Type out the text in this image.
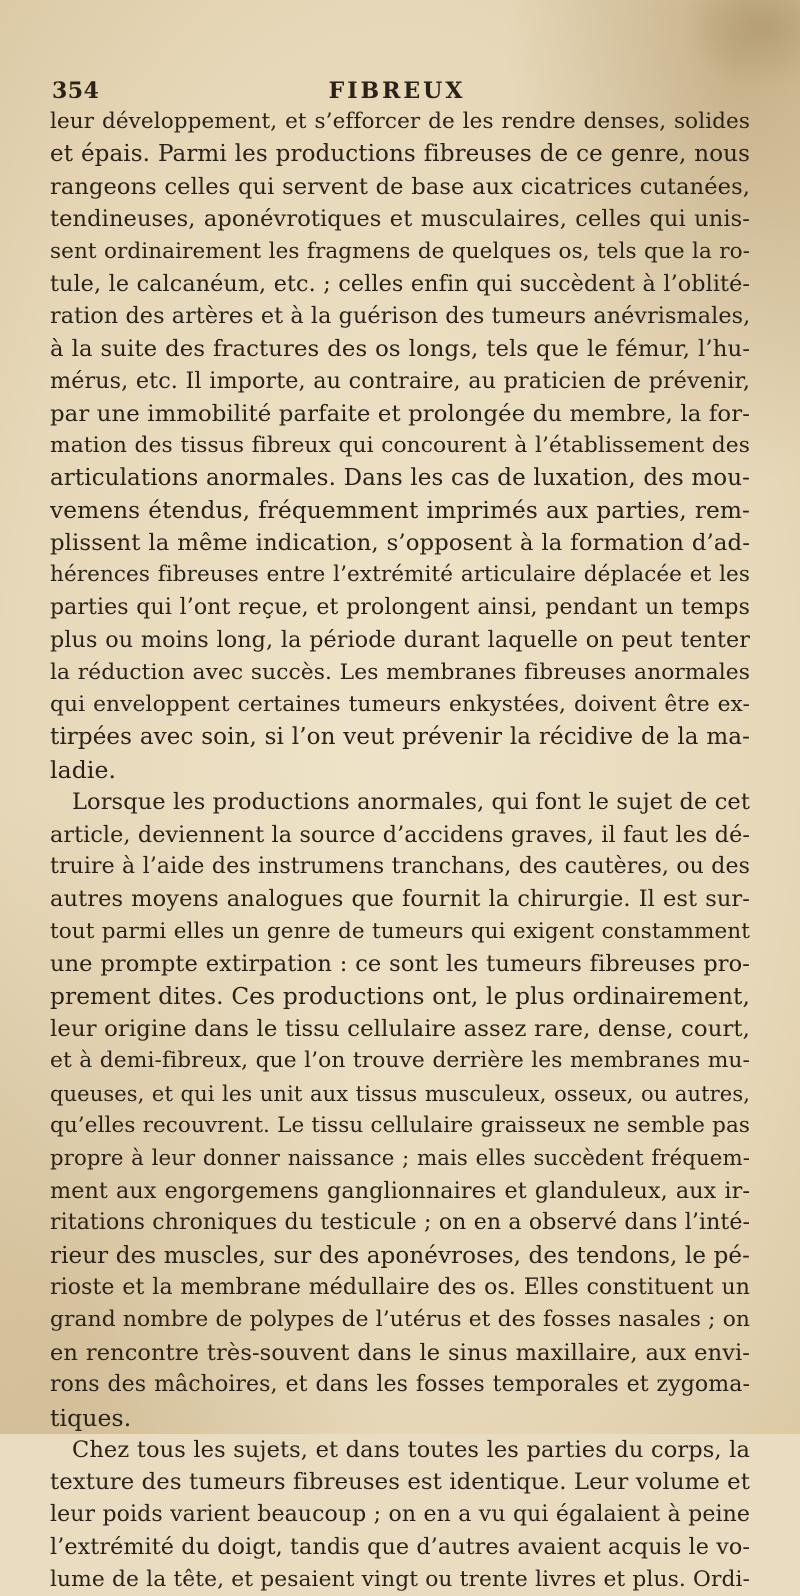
354	FIBREUX
leur développement, et s’efforcer de les rendre denses, solides
et épais. Parmi les productions fibreuses de ce genre, nous
rangeons celles qui servent de base aux cicatrices cutanées,
tendineuses, aponévrotiques et musculaires, celles qui unis-
sent ordinairement les fragmens de quelques os, tels que la ro-
tule, le calcanéum, etc. ; celles enfin qui succèdent à l’oblité-
ration des artères et à la guérison des tumeurs anévrismales,
à la suite des fractures des os longs, tels que le fémur, l’hu-
mérus, etc. Il importe, au contraire, au praticien de prévenir,
par une immobilité parfaite et prolongée du membre, la for-
mation des tissus fibreux qui concourent à l’établissement des
articulations anormales. Dans les cas de luxation, des mou-
vemens étendus, fréquemment imprimés aux parties, rem-
plissent la même indication, s’opposent à la formation d’ad-
hérences fibreuses entre l’extrémité articulaire déplacée et les
parties qui l’ont reçue, et prolongent ainsi, pendant un temps
plus ou moins long, la période durant laquelle on peut tenter
la réduction avec succès. Les membranes fibreuses anormales
qui enveloppent certaines tumeurs enkystées, doivent être ex-
tirpées avec soin, si l’on veut prévenir la récidive de la ma-
ladie.
Lorsque les productions anormales, qui font le sujet de cet
article, deviennent la source d’accidens graves, il faut les dé-
truire à l’aide des instrumens tranchans, des cautères, ou des
autres moyens analogues que fournit la chirurgie. Il est sur-
tout parmi elles un genre de tumeurs qui exigent constamment
une prompte extirpation : ce sont les tumeurs fibreuses pro-
prement dites. Ces productions ont, le plus ordinairement,
leur origine dans le tissu cellulaire assez rare, dense, court,
et à demi-fibreux, que l’on trouve derrière les membranes mu-
queuses, et qui les unit aux tissus musculeux, osseux, ou autres,
qu’elles recouvrent. Le tissu cellulaire graisseux ne semble pas
propre à leur donner naissance ; mais elles succèdent fréquem-
ment aux engorgemens ganglionnaires et glanduleux, aux ir-
ritations chroniques du testicule ; on en a observé dans l’inté-
rieur des muscles, sur des aponévroses, des tendons, le pé-
rioste et la membrane médullaire des os. Elles constituent un
grand nombre de polypes de l’utérus et des fosses nasales ; on
en rencontre très-souvent dans le sinus maxillaire, aux envi-
rons des mâchoires, et dans les fosses temporales et zygoma-
tiques.
Chez tous les sujets, et dans toutes les parties du corps, la
texture des tumeurs fibreuses est identique. Leur volume et
leur poids varient beaucoup ; on en a vu qui égalaient à peine
l’extrémité du doigt, tandis que d’autres avaient acquis le vo-
lume de la tête, et pesaient vingt ou trente livres et plus. Ordi-
